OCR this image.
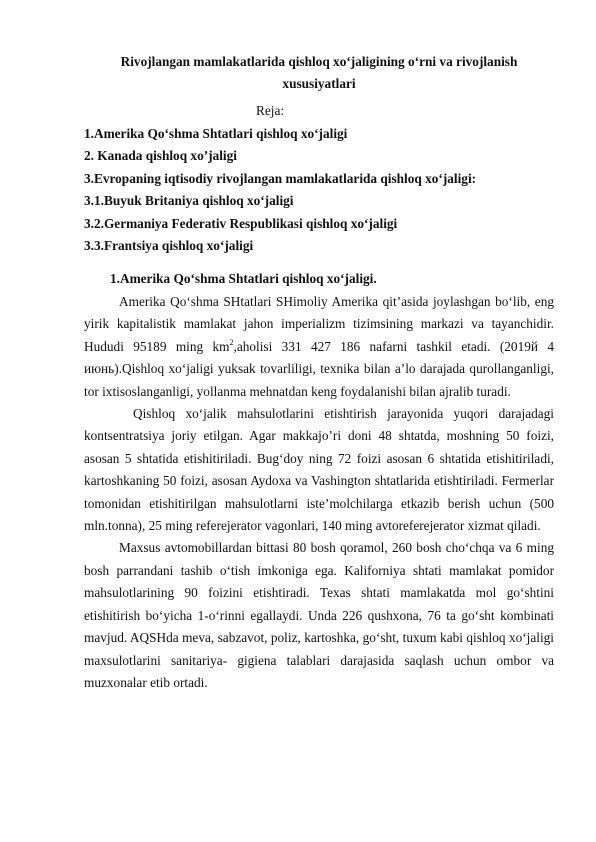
Rivojlangan mamlakatlarida qishloq xo‘jaligining o‘rni va rivojlanish
xususiyatlari
Reja:
1.Amerika Qo‘shma Shtatlari qishloq xo‘jaligi
2. Kanada qishloq xo’jaligi
3.Evropaning iqtisodiy rivojlangan mamlakatlarida qishloq xo‘jaligi:
3.1.Buyuk Britaniya qishloq xo‘jaligi
3.2.Germaniya Federativ Respublikasi qishloq xo‘jaligi
3.3.Frantsiya qishloq xo‘jaligi
1.Amerika Qo‘shma Shtatlari qishloq xo‘jaligi.

Amerika Qo‘shma SHtatlari SHimoliy Amerika qit’asida joylashgan bo‘lib, eng yirik kapitalistik mamlakat jahon imperializm tizimsining markazi va tayanchidir. Hududi 95189 ming $km^2,aholisi$ 331 427 186 nafarni tashkil etadi. (2019й 4 июнь).Qishloq xo‘jaligi yuksak tovarliligi, texnika bilan a’lo darajada qurollanganligi, tor ixtisoslanganligi, yollanma mehnatdan keng foydalanishi bilan ajralib turadi.

Qishloq xo‘jalik mahsulotlarini etishtirish jarayonida yuqori darajadagi kontsentratsiya joriy etilgan. Agar makkajo’ri doni 48 shtatda, moshning 50 foizi, asosan 5 shtatida etishitiriladi. Bug‘doy ning 72 foizi asosan 6 shtatida etishitiriladi, kartoshkaning 50 foizi, asosan Aydoxa va Vashington shtatlarida etishtiriladi. Fermerlar tomonidan etishitirilgan mahsulotlarni iste’molchilarga etkazib berish uchun (500 mln.tonna), 25 ming referejerator vagonlari, 140 ming avtoreferejerator xizmat qiladi.

Maxsus avtomobillardan bittasi 80 bosh qoramol, 260 bosh cho‘chqa va 6 ming bosh parrandani tashib o‘tish imkoniga ega. Kaliforniya shtati mamlakat pomidor mahsulotlarining 90 foizini etishtiradi. Texas shtati mamlakatda mol go‘shtini etishitirish bo‘yicha 1-o‘rinni egallaydi. Unda 226 qushxona, 76 ta go‘sht kombinati mavjud. AQSHda meva, sabzavot, poliz, kartoshka, go‘sht, tuxum kabi qishloq xo‘jaligi maxsulotlarini sanitariya- gigiena talablari darajasida saqlash uchun ombor va muzxonalar etib ortadi.
